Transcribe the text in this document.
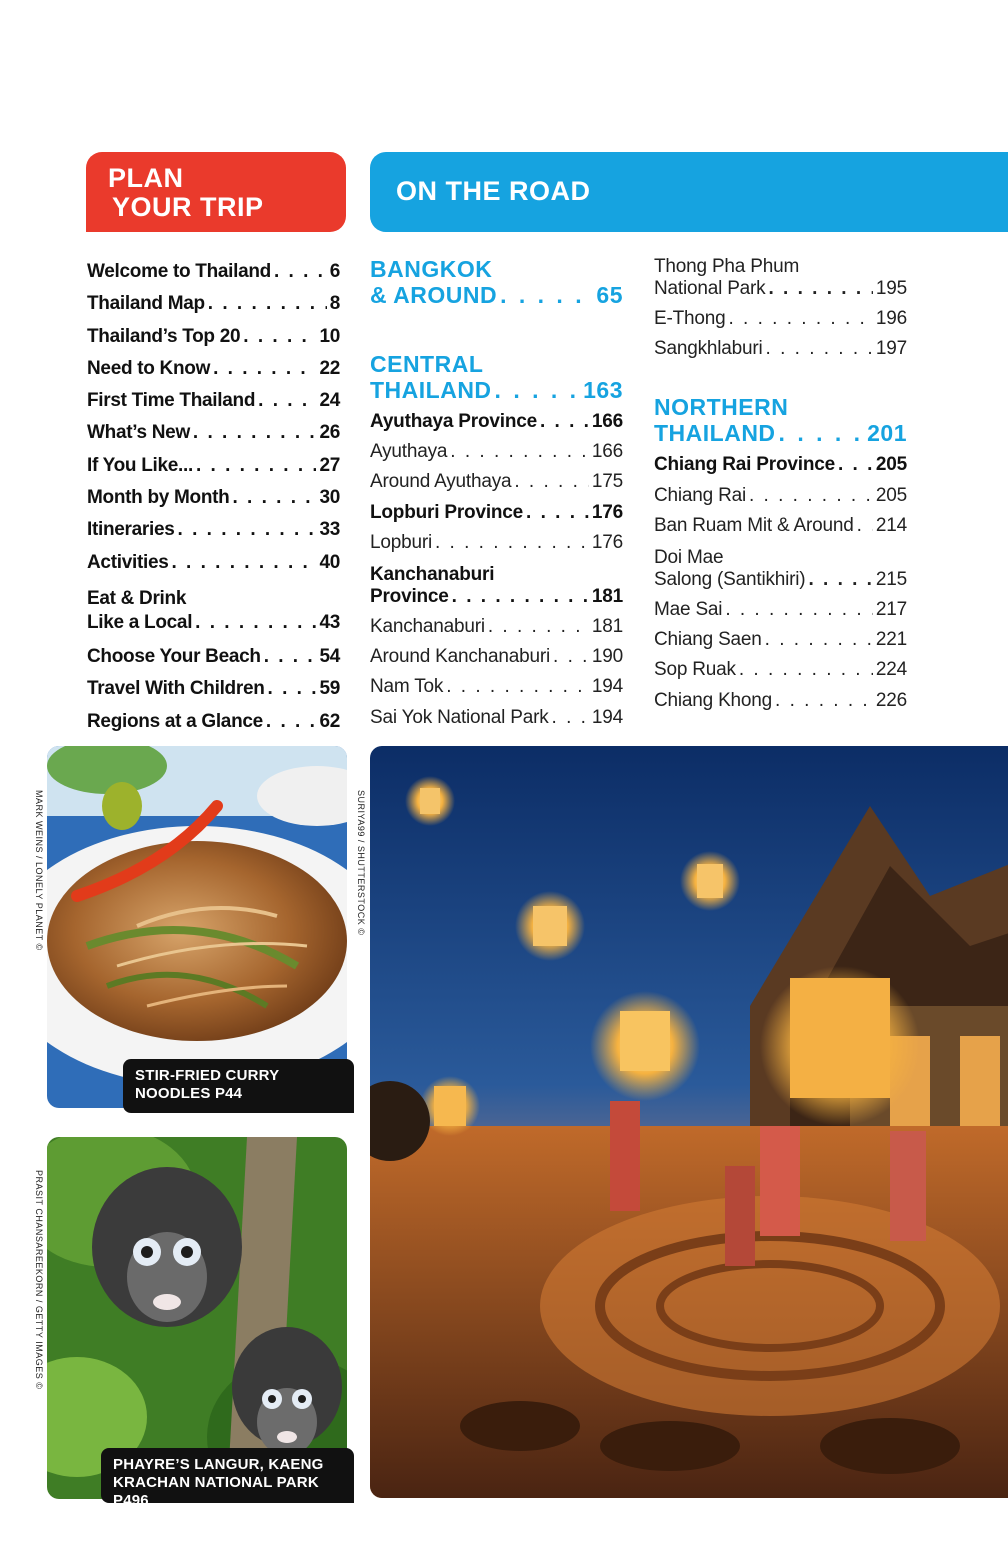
PLAN
YOUR TRIP
ON THE ROAD
Welcome to Thailand . . .	6
Thailand Map . . .	8
Thailand’s Top 20 . . .	10
Need to Know . . .	22
First Time Thailand . . .	24
What’s New . . .	26
If You Like... . . .	27
Month by Month . . .	30
Itineraries . . .	33
Activities . . .	40
Eat & Drink
Like a Local . . .	43
Choose Your Beach . . .	54
Travel With Children . . .	59
Regions at a Glance . . .	62
BANGKOK
& AROUND . . .	65
CENTRAL
THAILAND . . .	163
Ayuthaya Province . . .	166
Ayuthaya . . .	166
Around Ayuthaya . . .	175
Lopburi Province . . .	176
Lopburi . . .	176
Kanchanaburi
Province . . .	181
Kanchanaburi . . .	181
Around Kanchanaburi . . . 190
Nam Tok . . .	194
Sai Yok National Park . . . 194
Thong Pha Phum
National Park . . .	195
E-Thong . . .	196
Sangkhlaburi . . .	197
NORTHERN
THAILAND . . .	201
Chiang Rai Province . . . 205
Chiang Rai . . .	205
Ban Ruam Mit & Around . . . 214
Doi Mae
Salong (Santikhiri) . . .	215
Mae Sai . . .	217
Chiang Saen . . .	221
Sop Ruak . . .	224
Chiang Khong . . .	226
STIR-FRIED CURRY
NOODLES P44
MARK WEINS / LONELY PLANET ©
PHAYRE’S LANGUR, KAENG
KRACHAN NATIONAL PARK P496
PRASIT CHANSAREEKORN / GETTY IMAGES ©
SURIYA99 / SHUTTERSTOCK ©
